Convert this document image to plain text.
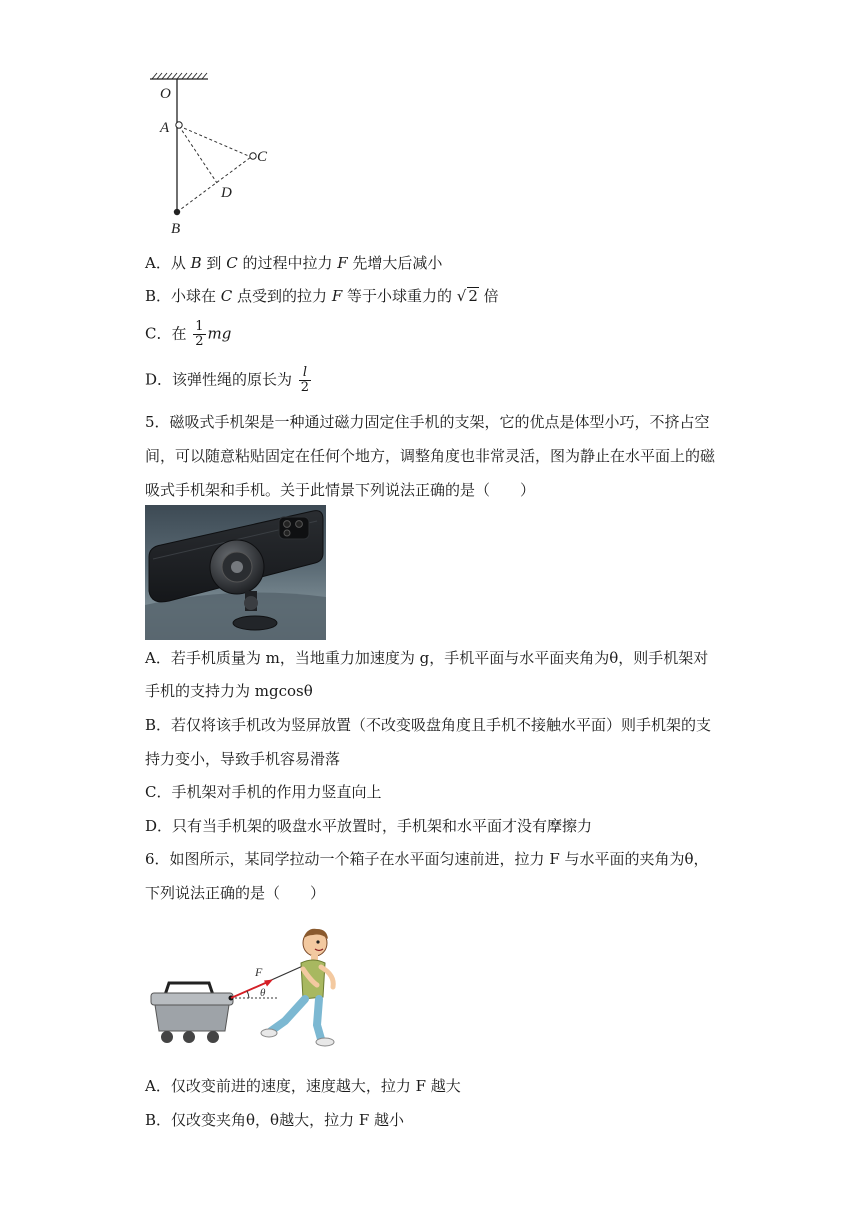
O
A
C
D
B
A．从 B 到 C 的过程中拉力 F 先增大后减小
B．小球在 C 点受到的拉力 F 等于小球重力的 √ 2 倍
C．在 $\frac{1}{2}$ mg
D．该弹性绳的原长为 $\frac{l}{2}$
5．磁吸式手机架是一种通过磁力固定住手机的支架，它的优点是体型小巧，不挤占空
间，可以随意粘贴固定在任何个地方，调整角度也非常灵活，图为静止在水平面上的磁
吸式手机架和手机。关于此情景下列说法正确的是（　　）
A．若手机质量为 m，当地重力加速度为 g，手机平面与水平面夹角为θ，则手机架对
手机的支持力为 mgcosθ
B．若仅将该手机改为竖屏放置（不改变吸盘角度且手机不接触水平面）则手机架的支
持力变小，导致手机容易滑落
C．手机架对手机的作用力竖直向上
D．只有当手机架的吸盘水平放置时，手机架和水平面才没有摩擦力
6．如图所示，某同学拉动一个箱子在水平面匀速前进，拉力 F 与水平面的夹角为θ，
下列说法正确的是（　　）
F
θ
A．仅改变前进的速度，速度越大，拉力 F 越大
B．仅改变夹角θ，θ越大，拉力 F 越小
